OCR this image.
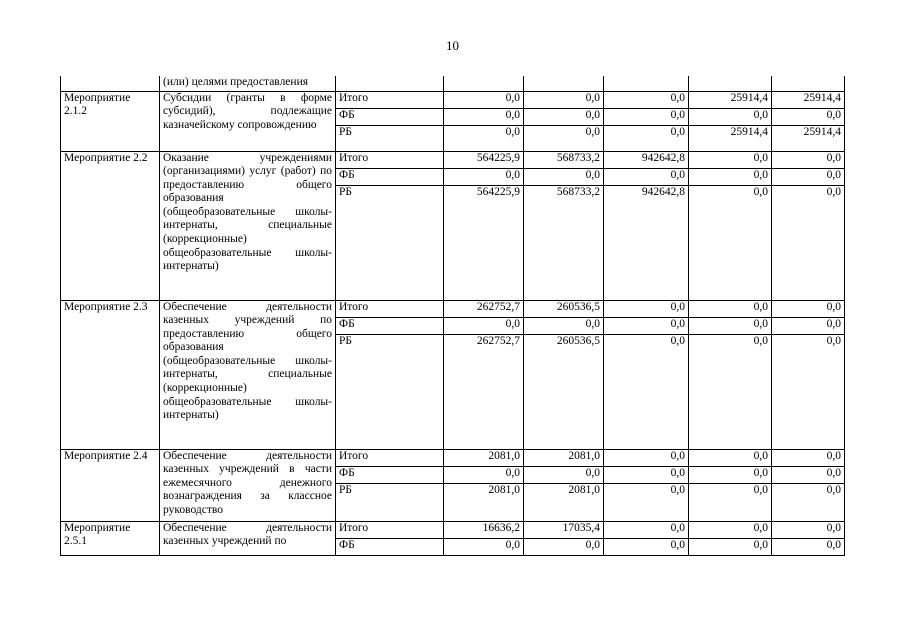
10
	(или) целями предоставления						
Мероприятие 2.1.2	Субсидии (гранты в форме субсидий), подлежащие казначейскому сопровождению	Итого	0,0	0,0	0,0	25914,4	25914,4
		ФБ	0,0	0,0	0,0	0,0	0,0
		РБ	0,0	0,0	0,0	25914,4	25914,4
Мероприятие 2.2	Оказание учреждениями (организациями) услуг (работ) по предоставлению общего образования (общеобразовательные школы-интернаты, специальные (коррекционные) общеобразовательные школы-интернаты)	Итого	564225,9	568733,2	942642,8	0,0	0,0
		ФБ	0,0	0,0	0,0	0,0	0,0
		РБ	564225,9	568733,2	942642,8	0,0	0,0
Мероприятие 2.3	Обеспечение деятельности казенных учреждений по предоставлению общего образования (общеобразовательные школы-интернаты, специальные (коррекционные) общеобразовательные школы-интернаты)	Итого	262752,7	260536,5	0,0	0,0	0,0
		ФБ	0,0	0,0	0,0	0,0	0,0
		РБ	262752,7	260536,5	0,0	0,0	0,0
Мероприятие 2.4	Обеспечение деятельности казенных учреждений в части ежемесячного денежного вознаграждения за классное руководство	Итого	2081,0	2081,0	0,0	0,0	0,0
		ФБ	0,0	0,0	0,0	0,0	0,0
		РБ	2081,0	2081,0	0,0	0,0	0,0
Мероприятие 2.5.1	Обеспечение деятельности казенных учреждений по	Итого	16636,2	17035,4	0,0	0,0	0,0
		ФБ	0,0	0,0	0,0	0,0	0,0
